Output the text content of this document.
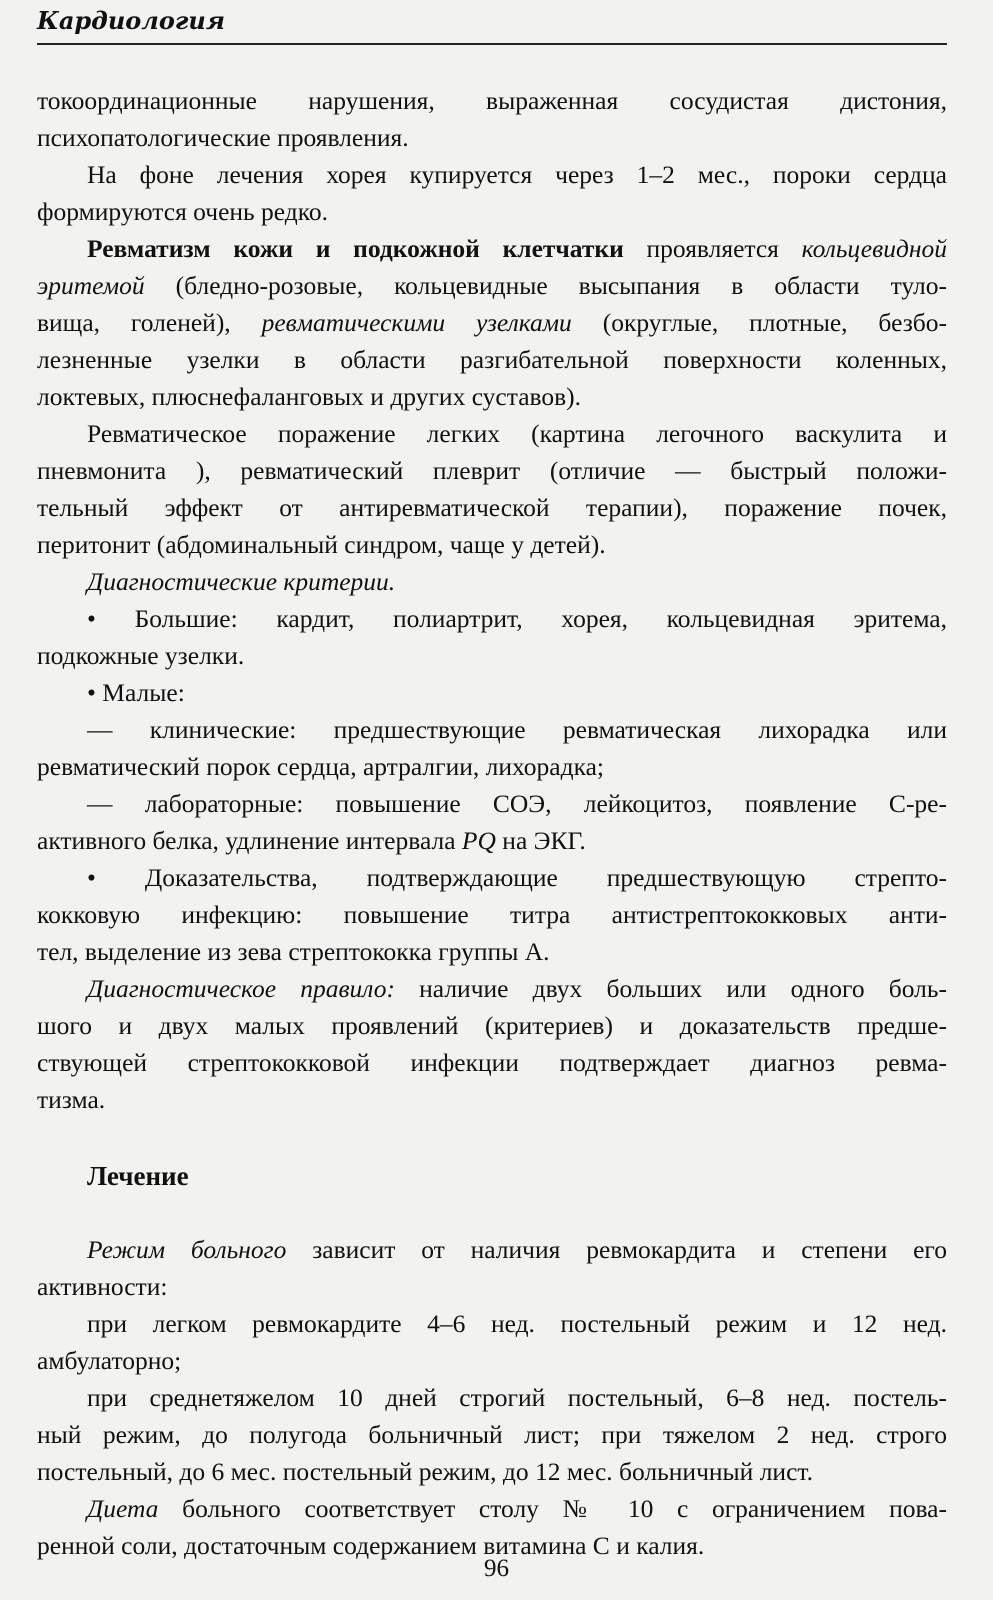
Кардиология
токоординационные нарушения, выраженная сосудистая дистония,
психопатологические проявления.
На фоне лечения хорея купируется через 1–2 мес., пороки сердца
формируются очень редко.
Ревматизм кожи и подкожной клетчатки проявляется кольцевидной
эритемой (бледно-розовые, кольцевидные высыпания в области туло-
вища, голеней), ревматическими узелками (округлые, плотные, безбо-
лезненные узелки в области разгибательной поверхности коленных,
локтевых, плюснефаланговых и других суставов).
Ревматическое поражение легких (картина легочного васкулита и
пневмонита ), ревматический плеврит (отличие — быстрый положи-
тельный эффект от антиревматической терапии), поражение почек,
перитонит (абдоминальный синдром, чаще у детей).
Диагностические критерии.
• Большие: кардит, полиартрит, хорея, кольцевидная эритема,
подкожные узелки.
• Малые:
— клинические: предшествующие ревматическая лихорадка или
ревматический порок сердца, артралгии, лихорадка;
— лабораторные: повышение СОЭ, лейкоцитоз, появление С-ре-
активного белка, удлинение интервала PQ на ЭКГ.
• Доказательства, подтверждающие предшествующую стрепто-
кокковую инфекцию: повышение титра антистрептококковых анти-
тел, выделение из зева стрептококка группы А.
Диагностическое правило: наличие двух больших или одного боль-
шого и двух малых проявлений (критериев) и доказательств предше-
ствующей стрептококковой инфекции подтверждает диагноз ревма-
тизма.
Лечение
Режим больного зависит от наличия ревмокардита и степени его
активности:
при легком ревмокардите 4–6 нед. постельный режим и 12 нед.
амбулаторно;
при среднетяжелом 10 дней строгий постельный, 6–8 нед. постель-
ный режим, до полугода больничный лист; при тяжелом 2 нед. строго
постельный, до 6 мес. постельный режим, до 12 мес. больничный лист.
Диета больного соответствует столу № 10 с ограничением пова-
ренной соли, достаточным содержанием витамина С и калия.
96
